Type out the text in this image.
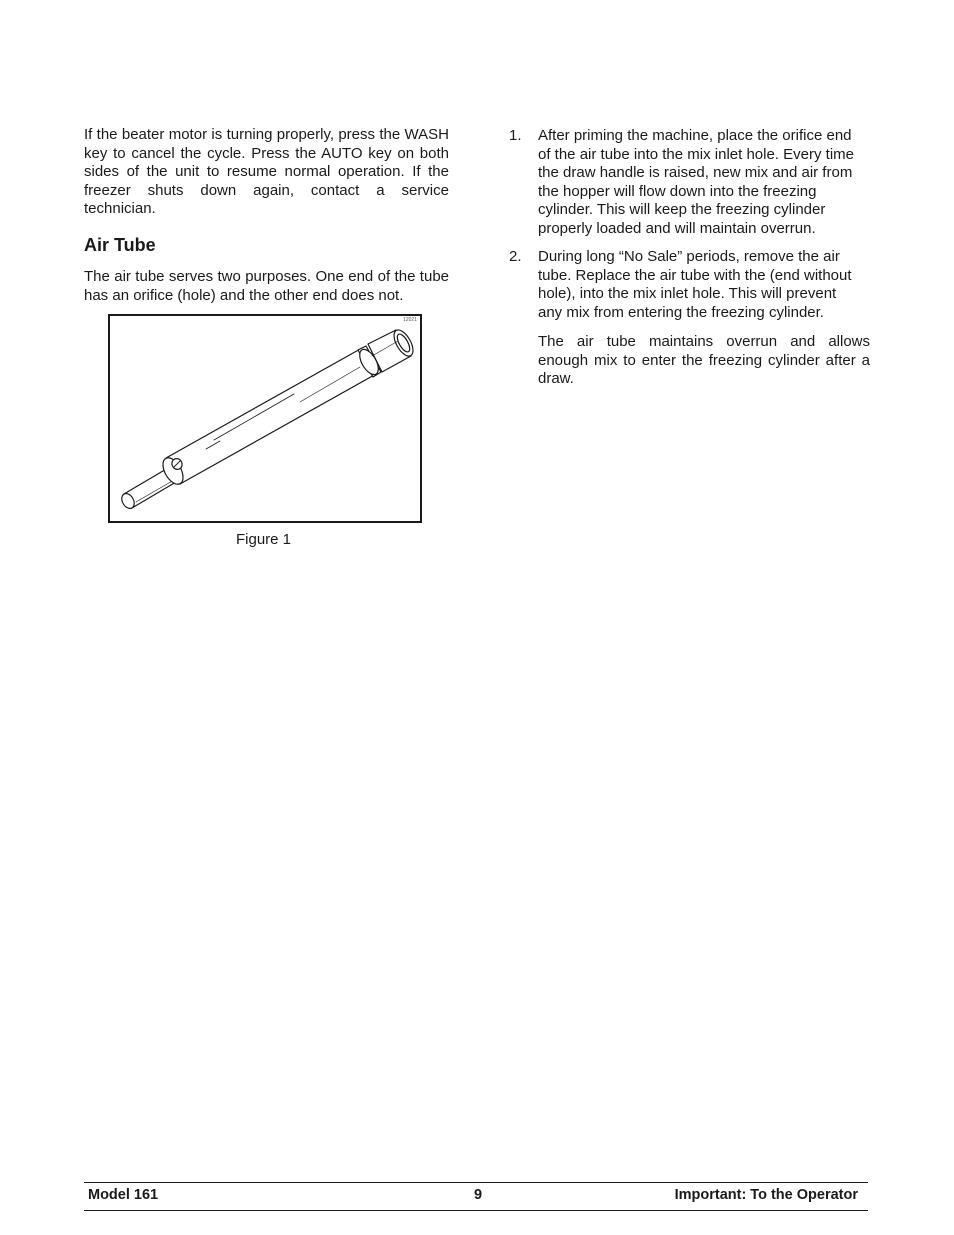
If the beater motor is turning properly, press the WASH
key to cancel the cycle. Press the AUTO key on both
sides of the unit to resume normal operation. If the
freezer shuts down again, contact a service
technician.
Air Tube
The air tube serves two purposes. One end of the tube
has an orifice (hole) and the other end does not.
12021
Figure 1
1. After priming the machine, place the orifice end
of the air tube into the mix inlet hole. Every time
the draw handle is raised, new mix and air from
the hopper will flow down into the freezing
cylinder. This will keep the freezing cylinder
properly loaded and will maintain overrun.
2. During long “No Sale” periods, remove the air
tube. Replace the air tube with the (end without
hole), into the mix inlet hole. This will prevent
any mix from entering the freezing cylinder.
The air tube maintains overrun and allows
enough mix to enter the freezing cylinder after a
draw.
Model 161	9	Important: To the Operator
